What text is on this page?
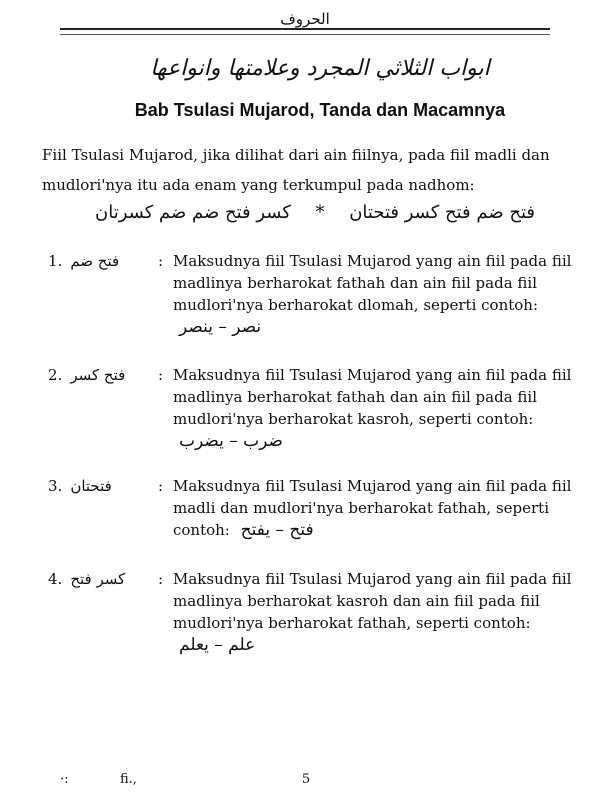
الحروف
ابواب الثلاثي المجرد وعلامتها وانواعها
Bab Tsulasi Mujarod, Tanda dan Macamnya
Fiil Tsulasi Mujarod, jika dilihat dari ain fiilnya, pada fiil madli dan mudlori'nya itu ada enam yang terkumpul pada nadhom:
فتح ضم فتح كسر فتحتان
*
كسر فتح ضم ضم كسرتان
1. فتح ضم	: Maksudnya fiil Tsulasi Mujarod yang ain fiil pada fiil madlinya berharokat fathah dan ain fiil pada fiil mudlori'nya berharokat dlomah, seperti contoh:
نصر – ينصر
2. فتح كسر	: Maksudnya fiil Tsulasi Mujarod yang ain fiil pada fiil madlinya berharokat fathah dan ain fiil pada fiil mudlori'nya berharokat kasroh, seperti contoh:
ضرب – يضرب
3. فتحتان	: Maksudnya fiil Tsulasi Mujarod yang ain fiil pada fiil madli dan mudlori'nya berharokat fathah, seperti contoh: فتح – يفتح
4. كسر فتح	: Maksudnya fiil Tsulasi Mujarod yang ain fiil pada fiil madlinya berharokat kasroh dan ain fiil pada fiil mudlori'nya berharokat fathah, seperti contoh:
علم – يعلم
·:	fi.,	5
